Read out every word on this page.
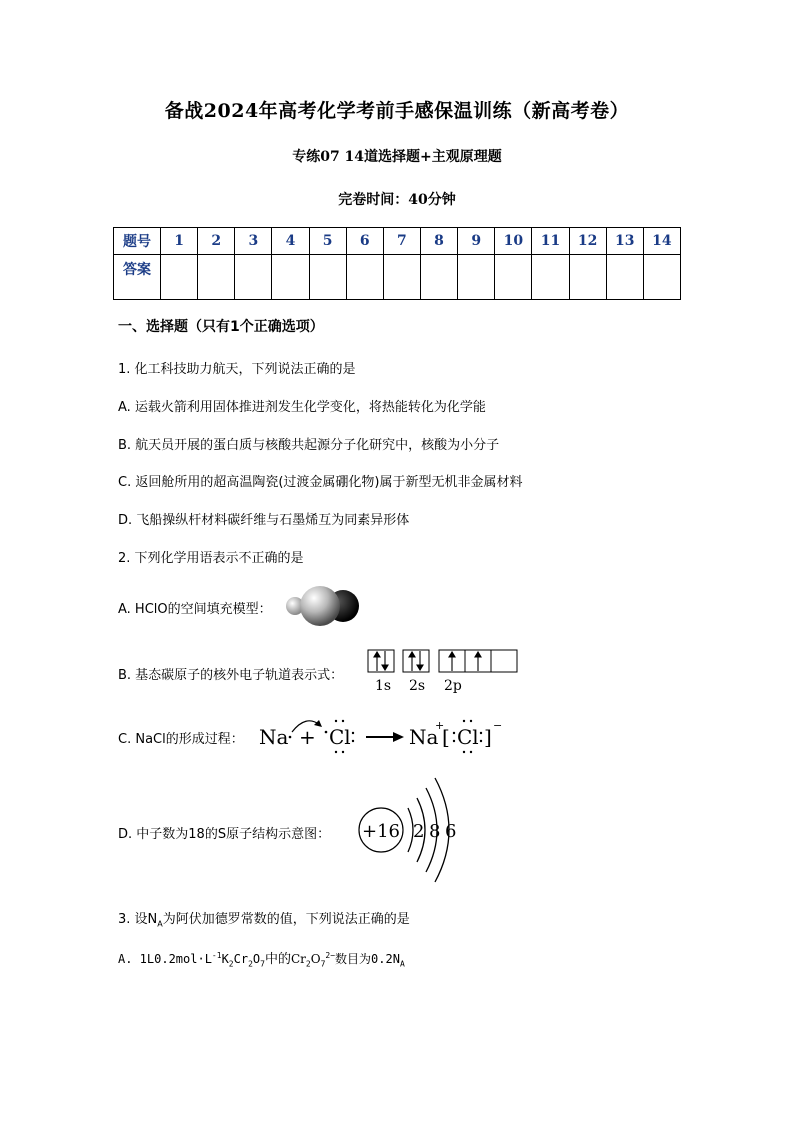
备战2024年高考化学考前手感保温训练（新高考卷）
专练07 14道选择题+主观原理题
完卷时间：40分钟
题号	1	2	3	4	5	6	7	8	9	10	11	12	13	14
答案														
一、选择题（只有1个正确选项）
1. 化工科技助力航天，下列说法正确的是
A. 运载火箭利用固体推进剂发生化学变化，将热能转化为化学能
B. 航天员开展的蛋白质与核酸共起源分子化研究中，核酸为小分子
C. 返回舱所用的超高温陶瓷(过渡金属硼化物)属于新型无机非金属材料
D. 飞船操纵杆材料碳纤维与石墨烯互为同素异形体
2. 下列化学用语表示不正确的是
A. HClO的空间填充模型：
B. 基态碳原子的核外电子轨道表示式：
1s 2s 2p
C. NaCl的形成过程： Na + Cl	Na Cl
+
[ ] −
D. 中子数为18的S原子结构示意图： +16 2 8 6
3. 设$N_A$为阿伏加德罗常数的值，下列说法正确的是
A. $1L0.2mol\cdot L^{-1}K_2Cr_2O_7$中的$Cr_2O_7^{2-}$数目为$0.2N_A$
